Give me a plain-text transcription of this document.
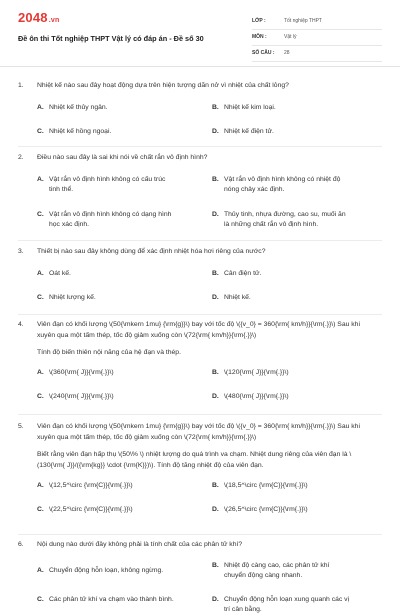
2048.vn
Đề ôn thi Tốt nghiệp THPT Vật lý có đáp án - Đề số 30
LỚP :	Tốt nghiệp THPT
MÔN :	Vật lý
SỐ CÂU : 28
1.	Nhiệt kế nào sau đây hoạt động dựa trên hiện tượng dãn nở vì nhiệt của chất lỏng?
A. Nhiệt kế thủy ngân.	B. Nhiệt kế kim loại.
C. Nhiệt kế hồng ngoại.	D. Nhiệt kế điện tử.
2.	Điều nào sau đây là sai khi nói về chất rắn vô định hình?
A. Vật rắn vô định hình không có cấu trúc tinh thể.
B. Vật rắn vô định hình không có nhiệt độ nóng chảy xác định.
C. Vật rắn vô định hình không có dạng hình học xác định.
D. Thủy tinh, nhựa đường, cao su, muối ăn là những chất rắn vô định hình.
3.	Thiết bị nào sau đây không dùng để xác định nhiệt hóa hơi riêng của nước?
A. Oát kế.	B. Cân điện tử.
C. Nhiệt lượng kế.	D. Nhiệt kế.
4.	Viên đạn có khối lượng \(50{\mkern 1mu} {\rm{g}}\) bay với tốc độ \({v_0} = 360{\rm{ km/h}}{\rm{.}}\) Sau khi xuyên qua một tấm thép, tốc độ giảm xuống còn \(72{\rm{ km/h}}{\rm{.}}\)
Tính độ biến thiên nội năng của hệ đạn và thép.
A. \(360{\rm{ J}}{\rm{.}}\)	B. \(120{\rm{ J}}{\rm{.}}\)
C. \(240{\rm{ J}}{\rm{.}}\)	D. \(480{\rm{ J}}{\rm{.}}\)
5.	Viên đạn có khối lượng \(50{\mkern 1mu} {\rm{g}}\) bay với tốc độ \({v_0} = 360{\rm{ km/h}}{\rm{.}}\) Sau khi xuyên qua một tấm thép, tốc độ giảm xuống còn \(72{\rm{ km/h}}{\rm{.}}\)
Biết rằng viên đạn hấp thụ \(50\% \) nhiệt lượng do quá trình va chạm. Nhiệt dung riêng của viên đạn là \(130{\rm{ J}}/({\rm{kg}} \cdot {\rm{K}})\). Tính độ tăng nhiệt độ của viên đạn.
A. \(12,5^\circ {\rm{C}}{\rm{.}}\)	B. \(18,5^\circ {\rm{C}}{\rm{.}}\)
C. \(22,5^\circ {\rm{C}}{\rm{.}}\)	D. \(26,5^\circ {\rm{C}}{\rm{.}}\)
6.	Nội dung nào dưới đây không phải là tính chất của các phân tử khí?
A. Chuyển động hỗn loạn, không ngừng.
B. Nhiệt độ càng cao, các phân tử khí chuyển động càng nhanh.
C. Các phân tử khí va chạm vào thành bình.	D. Chuyển động hỗn loạn xung quanh các vị trí cân bằng.
